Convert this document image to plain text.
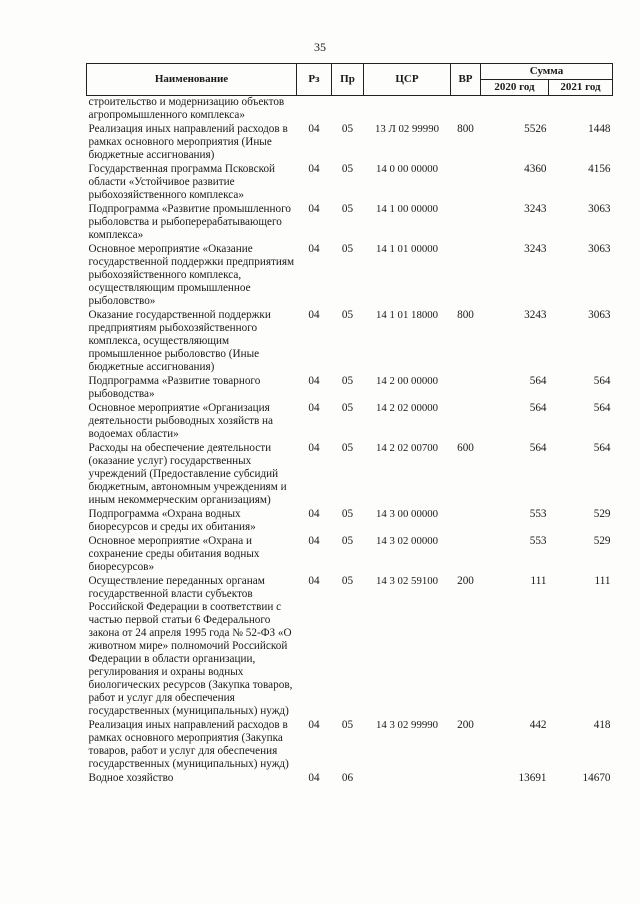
35
Наименование	Рз	Пр	ЦСР	ВР	Сумма	
					2020 год	2021 год
строительство и модернизацию объектов агропромышленного комплекса»						
Реализация иных направлений расходов в рамках основного мероприятия (Иные бюджетные ассигнования)	04	05	13 Л 02 99990	800	5526	1448
Государственная программа Псковской области «Устойчивое развитие рыбохозяйственного комплекса»	04	05	14 0 00 00000		4360	4156
Подпрограмма «Развитие промышленного рыболовства и рыбоперерабатывающего комплекса»	04	05	14 1 00 00000		3243	3063
Основное мероприятие «Оказание государственной поддержки предприятиям рыбохозяйственного комплекса, осуществляющим промышленное рыболовство»	04	05	14 1 01 00000		3243	3063
Оказание государственной поддержки предприятиям рыбохозяйственного комплекса, осуществляющим промышленное рыболовство (Иные бюджетные ассигнования)	04	05	14 1 01 18000	800	3243	3063
Подпрограмма «Развитие товарного рыбоводства»	04	05	14 2 00 00000		564	564
Основное мероприятие «Организация деятельности рыбоводных хозяйств на водоемах области»	04	05	14 2 02 00000		564	564
Расходы на обеспечение деятельности (оказание услуг) государственных учреждений (Предоставление субсидий бюджетным, автономным учреждениям и иным некоммерческим организациям)	04	05	14 2 02 00700	600	564	564
Подпрограмма «Охрана водных биоресурсов и среды их обитания»	04	05	14 3 00 00000		553	529
Основное мероприятие «Охрана и сохранение среды обитания водных биоресурсов»	04	05	14 3 02 00000		553	529
Осуществление переданных органам государственной власти субъектов Российской Федерации в соответствии с частью первой статьи 6 Федерального закона от 24 апреля 1995 года № 52-ФЗ «О животном мире» полномочий Российской Федерации в области организации, регулирования и охраны водных биологических ресурсов (Закупка товаров, работ и услуг для обеспечения государственных (муниципальных) нужд)	04	05	14 3 02 59100	200	111	111
Реализация иных направлений расходов в рамках основного мероприятия (Закупка товаров, работ и услуг для обеспечения государственных (муниципальных) нужд)	04	05	14 3 02 99990	200	442	418
Водное хозяйство	04	06			13691	14670
